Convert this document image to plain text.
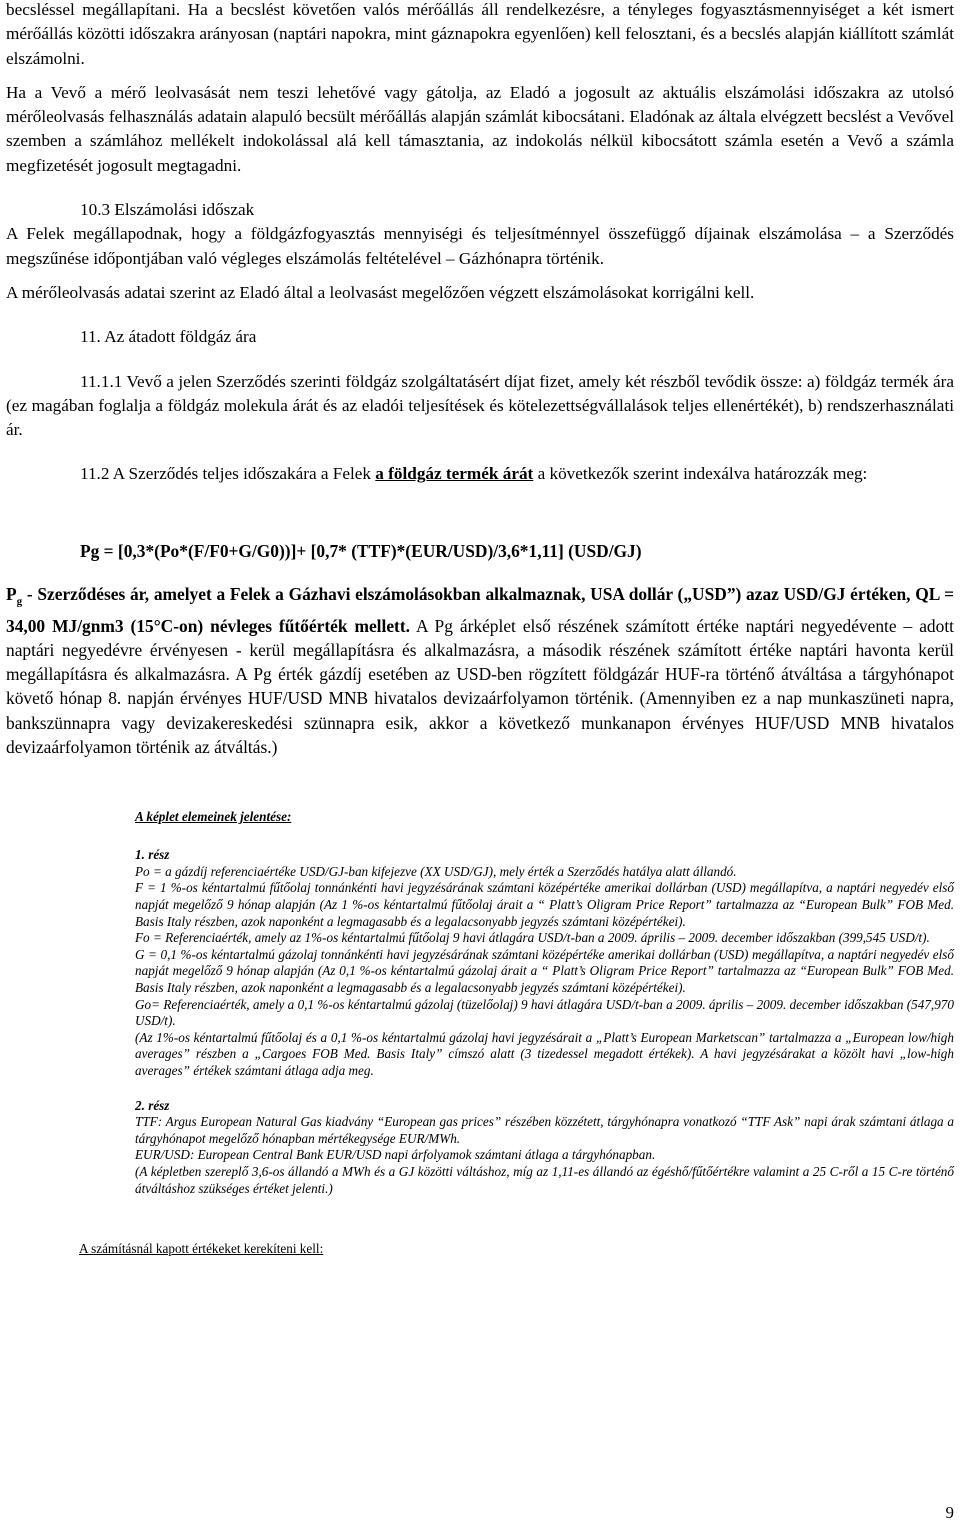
becsléssel megállapítani. Ha a becslést követően valós mérőállás áll rendelkezésre, a tényleges fogyasztásmennyiséget a két ismert mérőállás közötti időszakra arányosan (naptári napokra, mint gáznapokra egyenlően) kell felosztani, és a becslés alapján kiállított számlát elszámolni.

Ha a Vevő a mérő leolvasását nem teszi lehetővé vagy gátolja, az Eladó a jogosult az aktuális elszámolási időszakra az utolsó mérőleolvasás felhasználás adatain alapuló becsült mérőállás alapján számlát kibocsátani. Eladónak az általa elvégzett becslést a Vevővel szemben a számlához mellékelt indokolással alá kell támasztania, az indokolás nélkül kibocsátott számla esetén a Vevő a számla megfizetését jogosult megtagadni.

10.3 Elszámolási időszak

A Felek megállapodnak, hogy a földgázfogyasztás mennyiségi és teljesítménnyel összefüggő díjainak elszámolása – a Szerződés megszűnése időpontjában való végleges elszámolás feltételével – Gázhónapra történik.

A mérőleolvasás adatai szerint az Eladó által a leolvasást megelőzően végzett elszámolásokat korrigálni kell.

11. Az átadott földgáz ára

11.1.1 Vevő a jelen Szerződés szerinti földgáz szolgáltatásért díjat fizet, amely két részből tevődik össze: a) földgáz termék ára (ez magában foglalja a földgáz molekula árát és az eladói teljesítések és kötelezettségvállalások teljes ellenértékét), b) rendszerhasználati ár.

11.2 A Szerződés teljes időszakára a Felek a földgáz termék árát a következők szerint indexálva határozzák meg:

Pg = [0,3*(Po*(F/F0+G/G0))]+ [0,7* (TTF)*(EUR/USD)/3,6*1,11] (USD/GJ)

$P_g$ - Szerződéses ár, amelyet a Felek a Gázhavi elszámolásokban alkalmaznak, USA dollár („USD”) azaz USD/GJ értéken, QL = 34,00 MJ/gnm3 (15°C-on) névleges fűtőérték mellett. A Pg árképlet első részének számított értéke naptári negyedévente – adott naptári negyedévre érvényesen - kerül megállapításra és alkalmazásra, a második részének számított értéke naptári havonta kerül megállapításra és alkalmazásra. A Pg érték gázdíj esetében az USD-ben rögzített földgázár HUF-ra történő átváltása a tárgyhónapot követő hónap 8. napján érvényes HUF/USD MNB hivatalos devizaárfolyamon történik. (Amennyiben ez a nap munkaszüneti napra, bankszünnapra vagy devizakereskedési szünnapra esik, akkor a következő munkanapon érvényes HUF/USD MNB hivatalos devizaárfolyamon történik az átváltás.)

A képlet elemeinek jelentése:

1. rész

Po = a gázdíj referenciaértéke USD/GJ-ban kifejezve (XX USD/GJ), mely érték a Szerződés hatálya alatt állandó.

F = 1 %-os kéntartalmú fűtőolaj tonnánkénti havi jegyzésárának számtani középértéke amerikai dollárban (USD) megállapítva, a naptári negyedév első napját megelőző 9 hónap alapján (Az 1 %-os kéntartalmú fűtőolaj árait a “ Platt’s Oligram Price Report” tartalmazza az “European Bulk” FOB Med. Basis Italy részben, azok naponként a legmagasabb és a legalacsonyabb jegyzés számtani középértékei).

Fo = Referenciaérték, amely az 1%-os kéntartalmú fűtőolaj 9 havi átlagára USD/t-ban a 2009. április – 2009. december időszakban (399,545 USD/t).

G = 0,1 %-os kéntartalmú gázolaj tonnánkénti havi jegyzésárának számtani középértéke amerikai dollárban (USD) megállapítva, a naptári negyedév első napját megelőző 9 hónap alapján (Az 0,1 %-os kéntartalmú gázolaj árait a “ Platt’s Oligram Price Report” tartalmazza az “European Bulk” FOB Med. Basis Italy részben, azok naponként a legmagasabb és a legalacsonyabb jegyzés számtani középértékei).

Go= Referenciaérték, amely a 0,1 %-os kéntartalmú gázolaj (tüzelőolaj) 9 havi átlagára USD/t-ban a 2009. április – 2009. december időszakban (547,970 USD/t).

(Az 1%-os kéntartalmú fűtőolaj és a 0,1 %-os kéntartalmú gázolaj havi jegyzésárait a „Platt’s European Marketscan” tartalmazza a „European low/high averages” részben a „Cargoes FOB Med. Basis Italy” címszó alatt (3 tizedessel megadott értékek). A havi jegyzésárakat a közölt havi „low-high averages” értékek számtani átlaga adja meg.

2. rész

TTF: Argus European Natural Gas kiadvány “European gas prices” részében közzétett, tárgyhónapra vonatkozó “TTF Ask” napi árak számtani átlaga a tárgyhónapot megelőző hónapban mértékegysége EUR/MWh.

EUR/USD: European Central Bank EUR/USD napi árfolyamok számtani átlaga a tárgyhónapban.

(A képletben szereplő 3,6-os állandó a MWh és a GJ közötti váltáshoz, míg az 1,11-es állandó az égéshő/fűtőértékre valamint a 25 C-ről a 15 C-re történő átváltáshoz szükséges értéket jelenti.)

A számításnál kapott értékeket kerekíteni kell:

9
